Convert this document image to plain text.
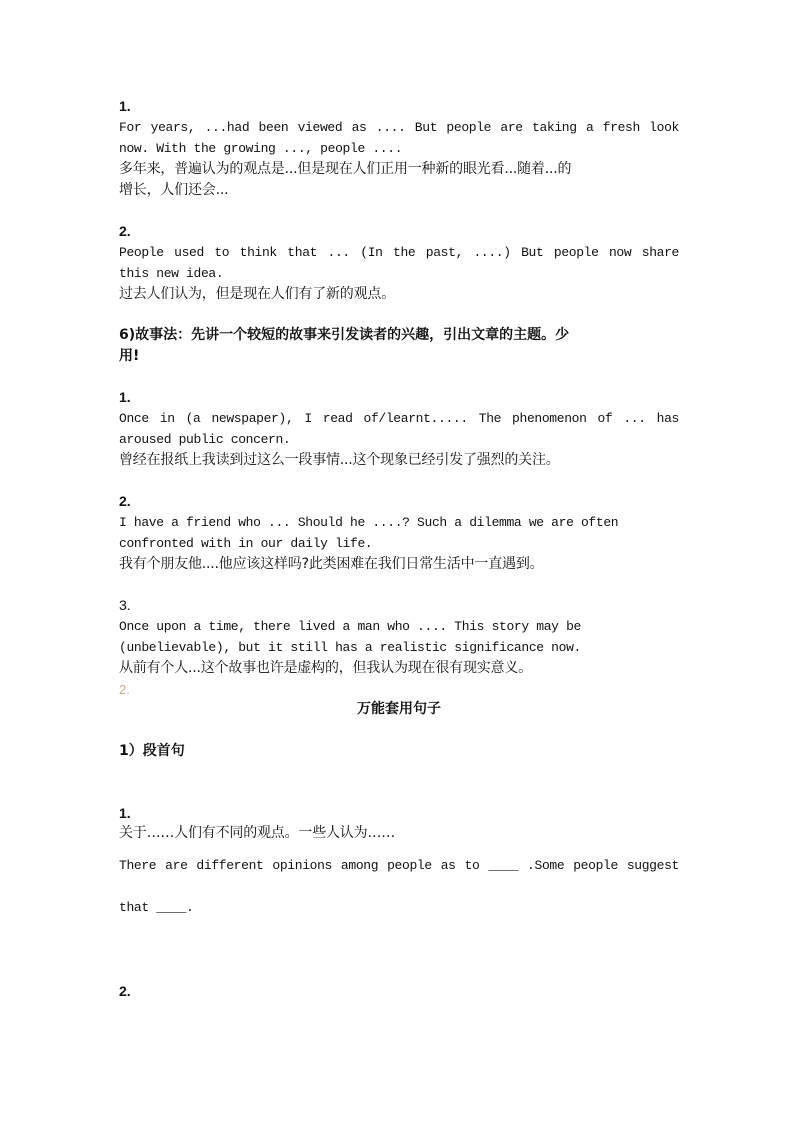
1.
For years, ...had been viewed as .... But people are taking a fresh look
now. With the growing ..., people ....
多年来，普遍认为的观点是...但是现在人们正用一种新的眼光看...随着...的
增长，人们还会...
2.
People used to think that ... (In the past, ....) But people now share
this new idea.
过去人们认为，但是现在人们有了新的观点。
6)故事法：先讲一个较短的故事来引发读者的兴趣，引出文章的主题。少
用!
1.
Once in (a newspaper), I read of/learnt..... The phenomenon of ... has
aroused public concern.
曾经在报纸上我读到过这么一段事情...这个现象已经引发了强烈的关注。
2.
I have a friend who ... Should he ....? Such a dilemma we are often
confronted with in our daily life.
我有个朋友他....他应该这样吗?此类困难在我们日常生活中一直遇到。
3.
Once upon a time, there lived a man who .... This story may be
(unbelievable), but it still has a realistic significance now.
从前有个人...这个故事也许是虚构的，但我认为现在很有现实意义。
2.
万能套用句子
1）段首句
1.
关于……人们有不同的观点。一些人认为……
There are different opinions among people as to ____ .Some people suggest
that ____.
2.
